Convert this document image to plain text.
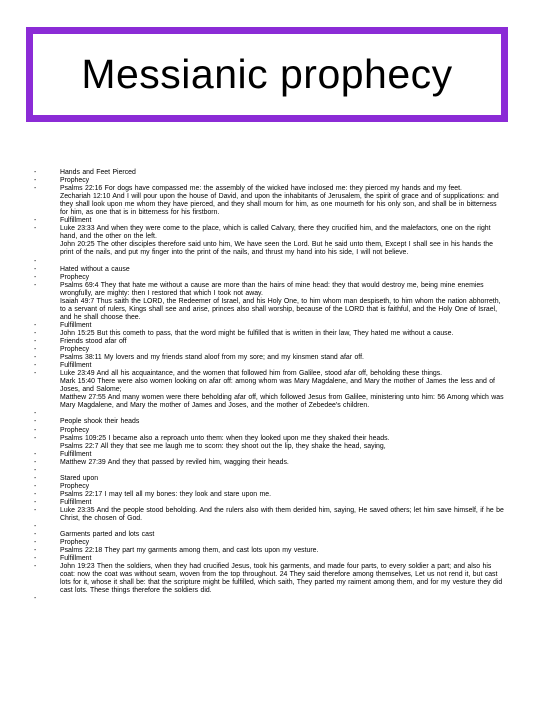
Messianic prophecy
-	Hands and Feet Pierced
-	Prophecy
-	Psalms 22:16 For dogs have compassed me: the assembly of the wicked have inclosed me: they pierced my hands and my feet.
Zechariah 12:10 And I will pour upon the house of David, and upon the inhabitants of Jerusalem, the spirit of grace and of supplications: and they shall look upon me whom they have pierced, and they shall mourn for him, as one mourneth for his only son, and shall be in bitterness for him, as one that is in bitterness for his firstborn.
-	Fulfillment
-	Luke 23:33 And when they were come to the place, which is called Calvary, there they crucified him, and the malefactors, one on the right hand, and the other on the left.
John 20:25 The other disciples therefore said unto him, We have seen the Lord. But he said unto them, Except I shall see in his hands the print of the nails, and put my finger into the print of the nails, and thrust my hand into his side, I will not believe.
-

-	Hated without a cause
-	Prophecy
-	Psalms 69:4 They that hate me without a cause are more than the hairs of mine head: they that would destroy me, being mine enemies wrongfully, are mighty: then I restored that which I took not away.
Isaiah 49:7 Thus saith the LORD, the Redeemer of Israel, and his Holy One, to him whom man despiseth, to him whom the nation abhorreth, to a servant of rulers, Kings shall see and arise, princes also shall worship, because of the LORD that is faithful, and the Holy One of Israel, and he shall choose thee.
-	Fulfillment
-	John 15:25 But this cometh to pass, that the word might be fulfilled that is written in their law, They hated me without a cause.
-	Friends stood afar off
-	Prophecy
-	Psalms 38:11 My lovers and my friends stand aloof from my sore; and my kinsmen stand afar off.
-	Fulfillment
-	Luke 23:49 And all his acquaintance, and the women that followed him from Galilee, stood afar off, beholding these things.
Mark 15:40 There were also women looking on afar off: among whom was Mary Magdalene, and Mary the mother of James the less and of Joses, and Salome;
Matthew 27:55 And many women were there beholding afar off, which followed Jesus from Galilee, ministering unto him: 56 Among which was Mary Magdalene, and Mary the mother of James and Joses, and the mother of Zebedee's children.
-

-	People shook their heads
-	Prophecy
-	Psalms 109:25 I became also a reproach unto them: when they looked upon me they shaked their heads.
Psalms 22:7 All they that see me laugh me to scorn: they shoot out the lip, they shake the head, saying,
-	Fulfillment
-	Matthew 27:39 And they that passed by reviled him, wagging their heads.
-

-	Stared upon
-	Prophecy
-	Psalms 22:17 I may tell all my bones: they look and stare upon me.
-	Fulfillment
-	Luke 23:35 And the people stood beholding. And the rulers also with them derided him, saying, He saved others; let him save himself, if he be Christ, the chosen of God.
-

-	Garments parted and lots cast
-	Prophecy
-	Psalms 22:18 They part my garments among them, and cast lots upon my vesture.
-	Fulfillment
-	John 19:23 Then the soldiers, when they had crucified Jesus, took his garments, and made four parts, to every soldier a part; and also his coat: now the coat was without seam, woven from the top throughout. 24 They said therefore among themselves, Let us not rend it, but cast lots for it, whose it shall be: that the scripture might be fulfilled, which saith, They parted my raiment among them, and for my vesture they did cast lots. These things therefore the soldiers did.
-
